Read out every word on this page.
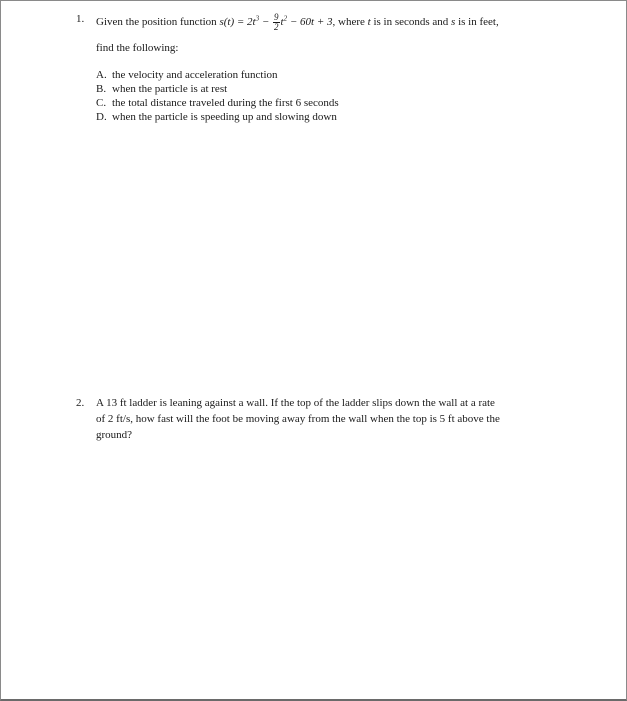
1. Given the position function $s(t) = 2t^3 - \frac{9}{2} t^2 - 60t + 3$, where t is in seconds and s is in feet,
find the following:
A. the velocity and acceleration function
B. when the particle is at rest
C. the total distance traveled during the first 6 seconds
D. when the particle is speeding up and slowing down
2. A 13 ft ladder is leaning against a wall. If the top of the ladder slips down the wall at a rate
of 2 ft/s, how fast will the foot be moving away from the wall when the top is 5 ft above the
ground?
